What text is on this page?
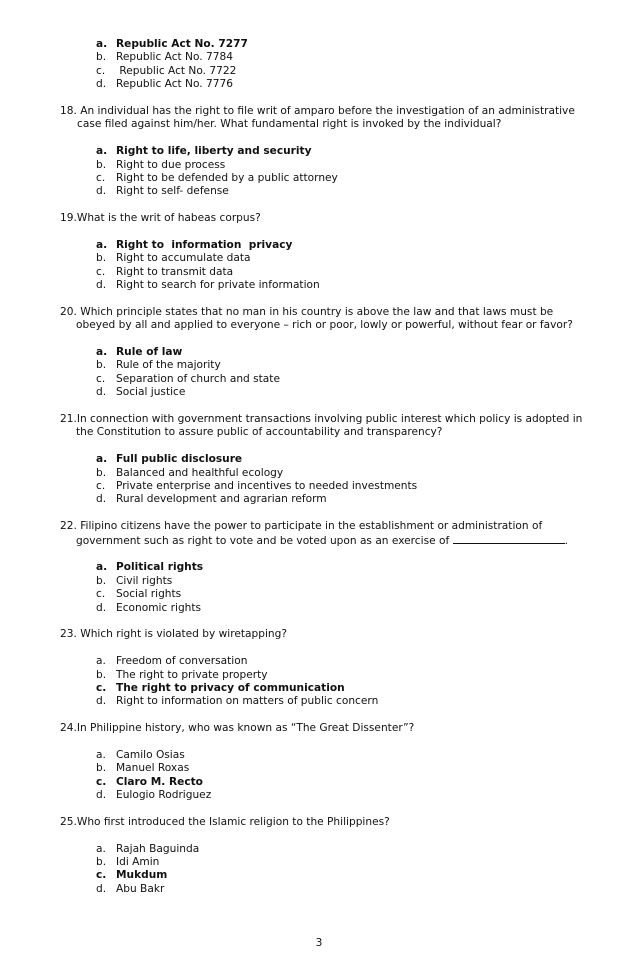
a. Republic Act No. 7277
b. Republic Act No. 7784
c. Republic Act No. 7722
d. Republic Act No. 7776
18. An individual has the right to file writ of amparo before the investigation of an administrative case filed against him/her. What fundamental right is invoked by the individual?
a. Right to life, liberty and security
b. Right to due process
c. Right to be defended by a public attorney
d. Right to self- defense
19.What is the writ of habeas corpus?
a. Right to  information  privacy
b. Right to accumulate data
c. Right to transmit data
d. Right to search for private information
20. Which principle states that no man in his country is above the law and that laws must be obeyed by all and applied to everyone – rich or poor, lowly or powerful, without fear or favor?
a. Rule of law
b. Rule of the majority
c. Separation of church and state
d. Social justice
21.In connection with government transactions involving public interest which policy is adopted in the Constitution to assure public of accountability and transparency?
a. Full public disclosure
b. Balanced and healthful ecology
c. Private enterprise and incentives to needed investments
d. Rural development and agrarian reform
22. Filipino citizens have the power to participate in the establishment or administration of government such as right to vote and be voted upon as an exercise of	.
a. Political rights
b. Civil rights
c. Social rights
d. Economic rights
23. Which right is violated by wiretapping?
a. Freedom of conversation
b. The right to private property
c. The right to privacy of communication
d. Right to information on matters of public concern
24.In Philippine history, who was known as “The Great Dissenter”?
a. Camilo Osias
b. Manuel Roxas
c. Claro M. Recto
d. Eulogio Rodriguez
25.Who first introduced the Islamic religion to the Philippines?
a. Rajah Baguinda
b. Idi Amin
c. Mukdum
d. Abu Bakr
3
